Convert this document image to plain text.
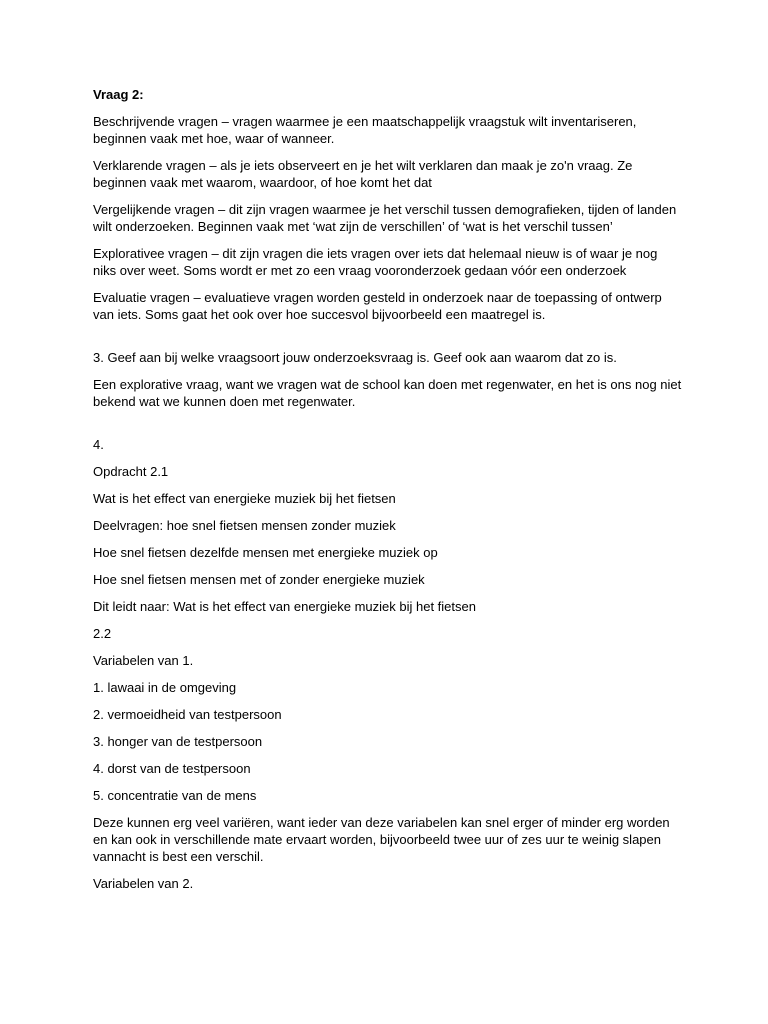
Vraag 2:

Beschrijvende vragen – vragen waarmee je een maatschappelijk vraagstuk wilt inventariseren, beginnen vaak met hoe, waar of wanneer.

Verklarende vragen – als je iets observeert en je het wilt verklaren dan maak je zo'n vraag. Ze beginnen vaak met waarom, waardoor, of hoe komt het dat

Vergelijkende vragen – dit zijn vragen waarmee je het verschil tussen demografieken, tijden of landen wilt onderzoeken. Beginnen vaak met ‘wat zijn de verschillen’ of ‘wat is het verschil tussen’

Explorativee vragen – dit zijn vragen die iets vragen over iets dat helemaal nieuw is of waar je nog niks over weet. Soms wordt er met zo een vraag vooronderzoek gedaan vóór een onderzoek

Evaluatie vragen – evaluatieve vragen worden gesteld in onderzoek naar de toepassing of ontwerp van iets. Soms gaat het ook over hoe succesvol bijvoorbeeld een maatregel is.

3. Geef aan bij welke vraagsoort jouw onderzoeksvraag is. Geef ook aan waarom dat zo is.

Een explorative vraag, want we vragen wat de school kan doen met regenwater, en het is ons nog niet bekend wat we kunnen doen met regenwater.

4.

Opdracht 2.1

Wat is het effect van energieke muziek bij het fietsen

Deelvragen: hoe snel fietsen mensen zonder muziek

Hoe snel fietsen dezelfde mensen met energieke muziek op

Hoe snel fietsen mensen met of zonder energieke muziek

Dit leidt naar: Wat is het effect van energieke muziek bij het fietsen

2.2

Variabelen van 1.

1. lawaai in de omgeving

2. vermoeidheid van testpersoon

3. honger van de testpersoon

4. dorst van de testpersoon

5. concentratie van de mens

Deze kunnen erg veel variëren, want ieder van deze variabelen kan snel erger of minder erg worden en kan ook in verschillende mate ervaart worden, bijvoorbeeld twee uur of zes uur te weinig slapen vannacht is best een verschil.

Variabelen van 2.
